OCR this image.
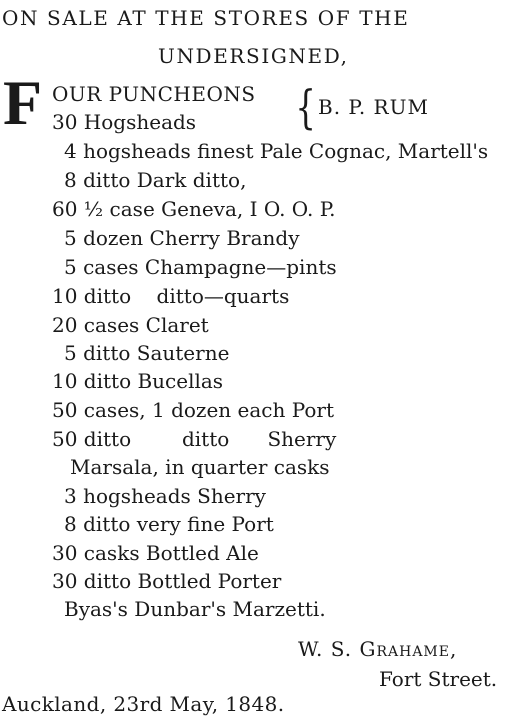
ON SALE AT THE STORES OF THE
UNDERSIGNED,
F OUR PUNCHEONS { B. P. RUM
30 Hogsheads
4 hogsheads finest Pale Cognac, Martell's
8 ditto Dark ditto,
60 ½ case Geneva, I O. O. P.
5 dozen Cherry Brandy
5 cases Champagne—pints
10 ditto    ditto—quarts
20 cases Claret
5 ditto Sauterne
10 ditto Bucellas
50 cases, 1 dozen each Port
50 ditto        ditto      Sherry
Marsala, in quarter casks
3 hogsheads Sherry
8 ditto very fine Port
30 casks Bottled Ale
30 ditto Bottled Porter
Byas's Dunbar's Marzetti.
W. S. Grahame,
Fort Street.
Auckland, 23rd May, 1848.
